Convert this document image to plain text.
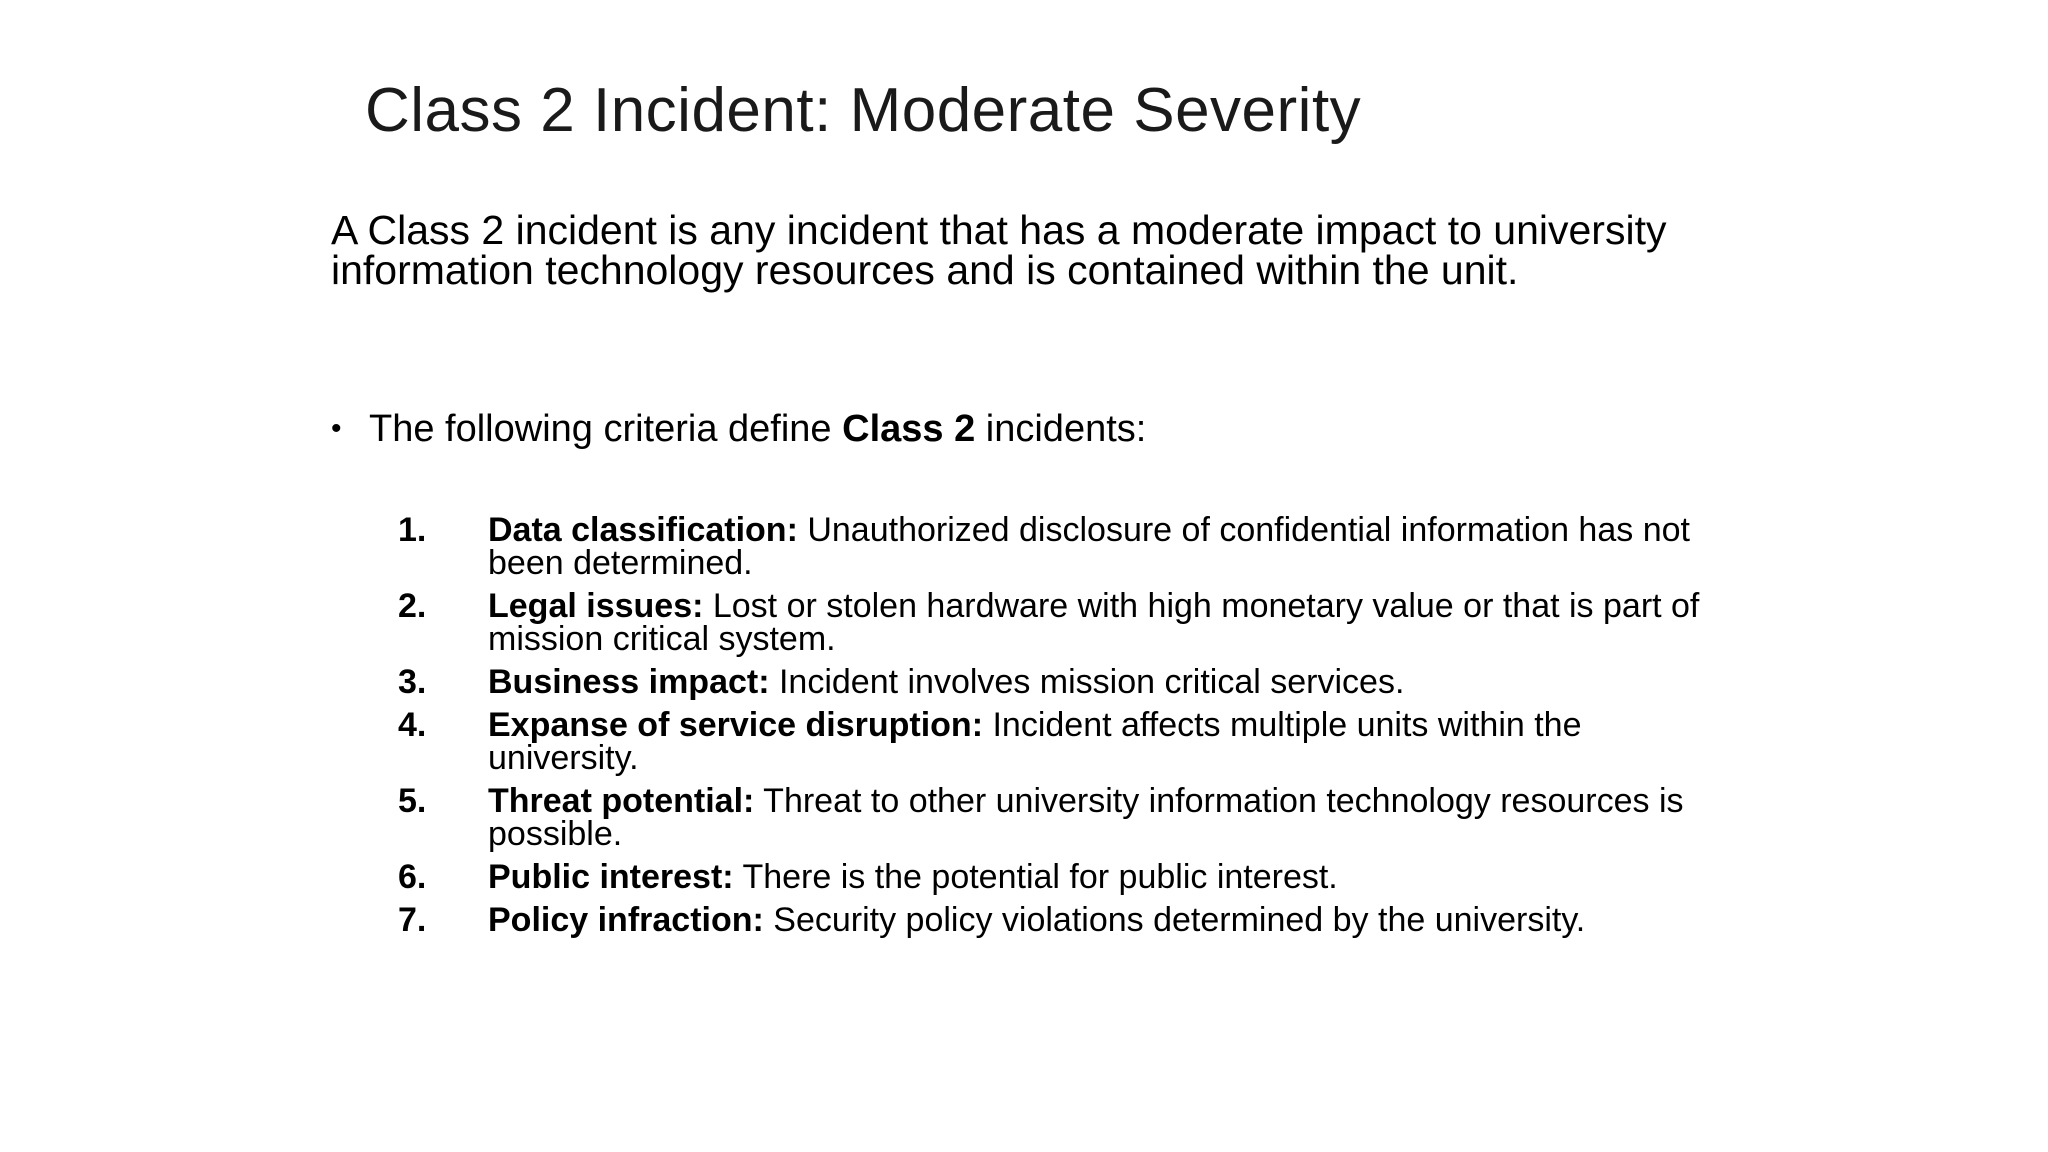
Class 2 Incident: Moderate Severity

A Class 2 incident is any incident that has a moderate impact to university information technology resources and is contained within the unit.

• The following criteria define Class 2 incidents:
1.	Data classification: Unauthorized disclosure of confidential information has not been determined.
2.	Legal issues: Lost or stolen hardware with high monetary value or that is part of mission critical system.
3.	Business impact: Incident involves mission critical services.
4.	Expanse of service disruption: Incident affects multiple units within the university.
5.	Threat potential: Threat to other university information technology resources is possible.
6.	Public interest: There is the potential for public interest.
7.	Policy infraction: Security policy violations determined by the university.
